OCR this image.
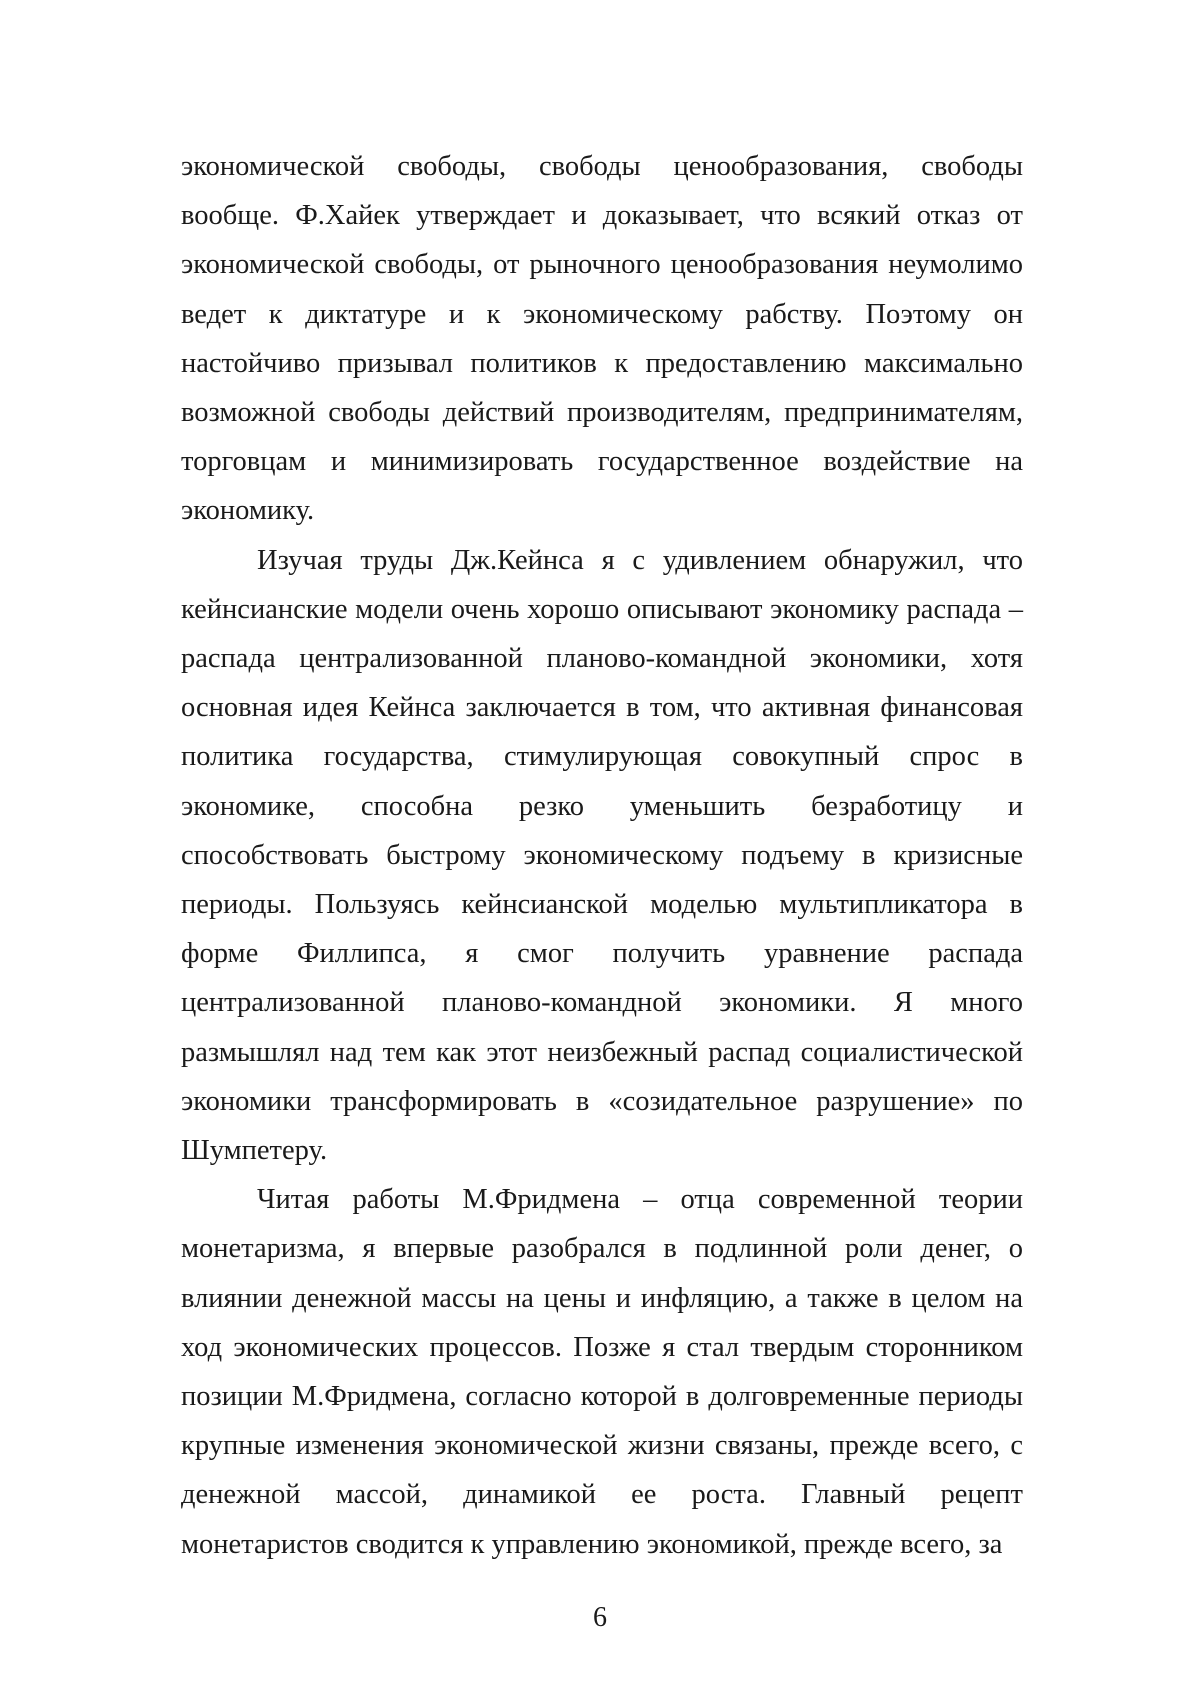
экономической свободы, свободы ценообразования, свободы вообще. Ф.Хайек утверждает и доказывает, что всякий отказ от экономической свободы, от рыночного ценообразования неумолимо ведет к диктатуре и к экономическому рабству. Поэтому он настойчиво призывал политиков к предоставлению максимально возможной свободы действий производителям, предпринимателям, торговцам и минимизировать государственное воздействие на экономику.

Изучая труды Дж.Кейнса я с удивлением обнаружил, что кейнсианские модели очень хорошо описывают экономику распада – распада централизованной планово-командной экономики, хотя основная идея Кейнса заключается в том, что активная финансовая политика государства, стимулирующая совокупный спрос в экономике, способна резко уменьшить безработицу и способствовать быстрому экономическому подъему в кризисные периоды. Пользуясь кейнсианской моделью мультипликатора в форме Филлипса, я смог получить уравнение распада централизованной планово-командной экономики. Я много размышлял над тем как этот неизбежный распад социалистической экономики трансформировать в «созидательное разрушение» по Шумпетеру.

Читая работы М.Фридмена – отца современной теории монетаризма, я впервые разобрался в подлинной роли денег, о влиянии денежной массы на цены и инфляцию, а также в целом на ход экономических процессов. Позже я стал твердым сторонником позиции М.Фридмена, согласно которой в долговременные периоды крупные изменения экономической жизни связаны, прежде всего, с денежной массой, динамикой ее роста. Главный рецепт монетаристов сводится к управлению экономикой, прежде всего, за

6
